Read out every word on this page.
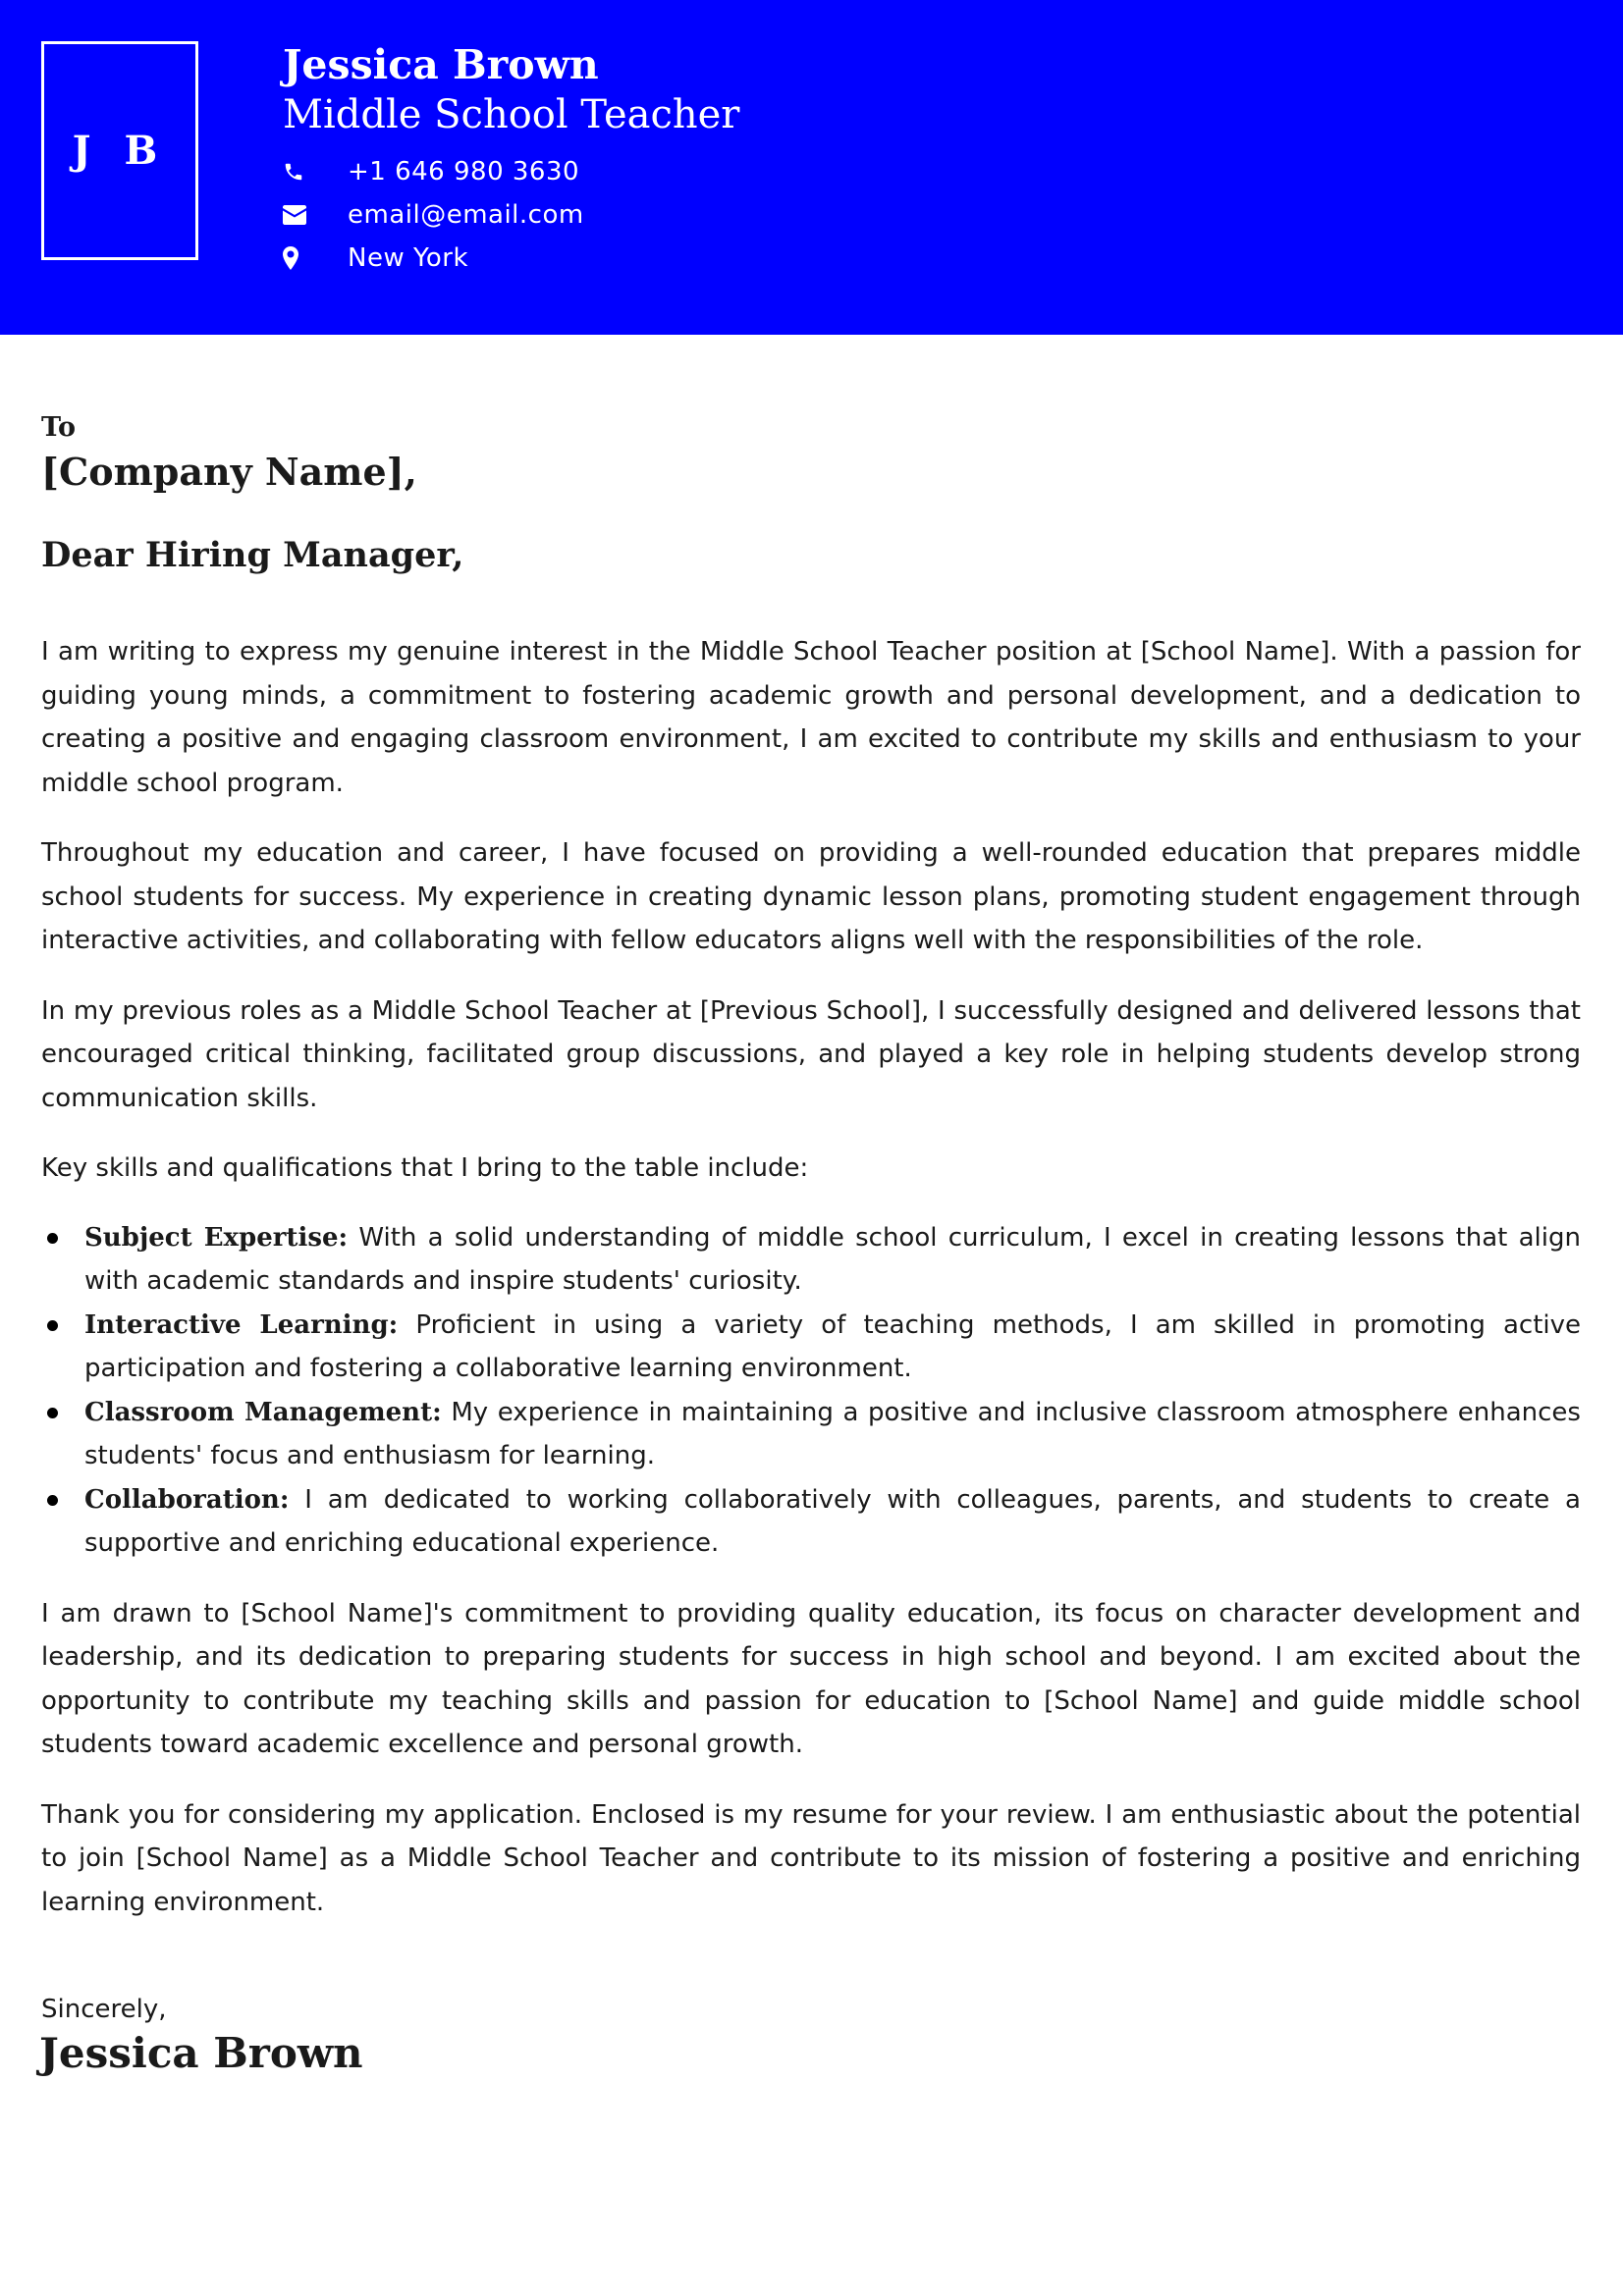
J B
Jessica Brown
Middle School Teacher
+1 646 980 3630
email@email.com
New York
To
[Company Name],
Dear Hiring Manager,

I am writing to express my genuine interest in the Middle School Teacher position at [School Name]. With a passion for guiding young minds, a commitment to fostering academic growth and personal development, and a dedication to creating a positive and engaging classroom environment, I am excited to contribute my skills and enthusiasm to your middle school program.

Throughout my education and career, I have focused on providing a well-rounded education that prepares middle school students for success. My experience in creating dynamic lesson plans, promoting student engagement through interactive activities, and collaborating with fellow educators aligns well with the responsibilities of the role.

In my previous roles as a Middle School Teacher at [Previous School], I successfully designed and delivered lessons that encouraged critical thinking, facilitated group discussions, and played a key role in helping students develop strong communication skills.

Key skills and qualifications that I bring to the table include:

Subject Expertise: With a solid understanding of middle school curriculum, I excel in creating lessons that align with academic standards and inspire students' curiosity.
Interactive Learning: Proficient in using a variety of teaching methods, I am skilled in promoting active participation and fostering a collaborative learning environment.
Classroom Management: My experience in maintaining a positive and inclusive classroom atmosphere enhances students' focus and enthusiasm for learning.
Collaboration: I am dedicated to working collaboratively with colleagues, parents, and students to create a supportive and enriching educational experience.

I am drawn to [School Name]'s commitment to providing quality education, its focus on character development and leadership, and its dedication to preparing students for success in high school and beyond. I am excited about the opportunity to contribute my teaching skills and passion for education to [School Name] and guide middle school students toward academic excellence and personal growth.

Thank you for considering my application. Enclosed is my resume for your review. I am enthusiastic about the potential to join [School Name] as a Middle School Teacher and contribute to its mission of fostering a positive and enriching learning environment.

Sincerely,
Jessica Brown
